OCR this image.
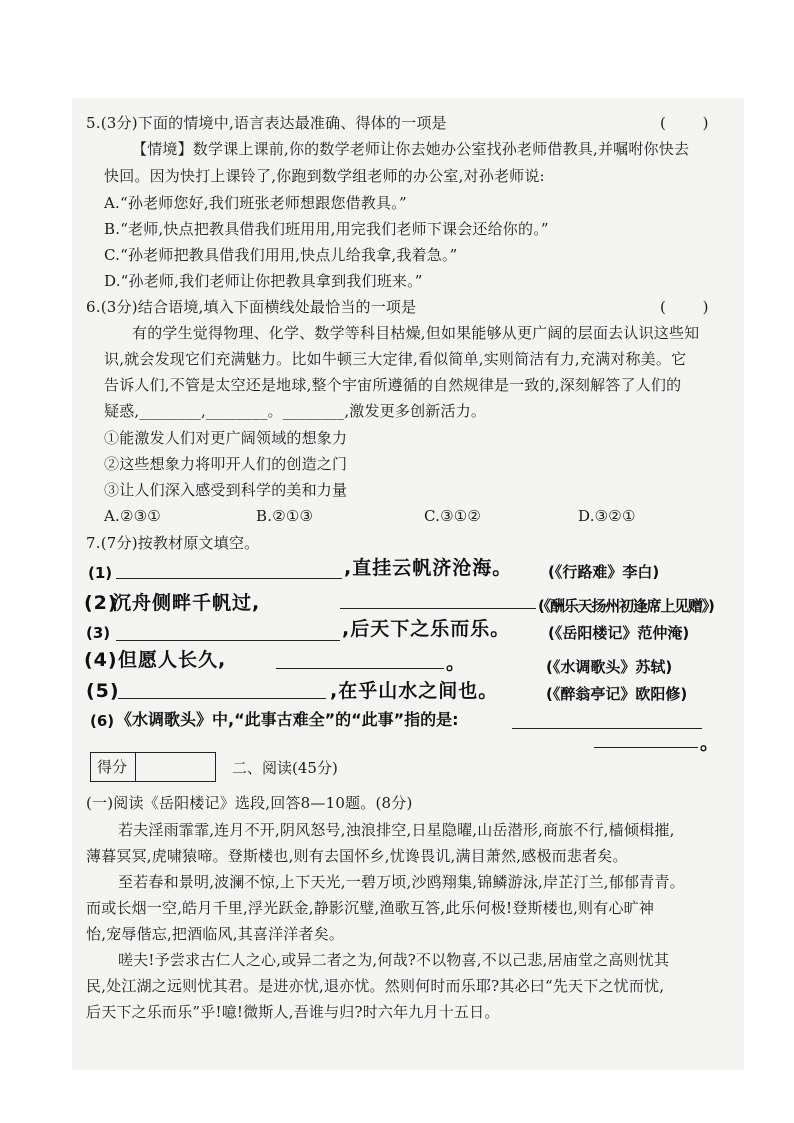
5.(3分)下面的情境中,语言表达最准确、得体的一项是	( )
【情境】数学课上课前,你的数学老师让你去她办公室找孙老师借教具,并嘱咐你快去
快回。因为快打上课铃了,你跑到数学组老师的办公室,对孙老师说:
A.“孙老师您好,我们班张老师想跟您借教具。”
B.“老师,快点把教具借我们班用用,用完我们老师下课会还给你的。”
C.“孙老师把教具借我们用用,快点儿给我拿,我着急。”
D.“孙老师,我们老师让你把教具拿到我们班来。”
6.(3分)结合语境,填入下面横线处最恰当的一项是	( )
有的学生觉得物理、化学、数学等科目枯燥,但如果能够从更广阔的层面去认识这些知
识,就会发现它们充满魅力。比如牛顿三大定律,看似简单,实则简洁有力,充满对称美。它
告诉人们,不管是太空还是地球,整个宇宙所遵循的自然规律是一致的,深刻解答了人们的
疑惑,________,________。________,激发更多创新活力。
①能激发人们对更广阔领域的想象力
②这些想象力将叩开人们的创造之门
③让人们深入感受到科学的美和力量
A.②③①	B.②①③	C.③①②	D.③②①
7.(7分)按教材原文填空。
(1)	,直挂云帆济沧海。 (《行路难》李白)
(2)
沉舟侧畔千帆过,	(《酬乐天扬州初逢席上见赠》)
(3)	,后天下之乐而乐。	(《岳阳楼记》范仲淹)
(4) 但愿人长久,	。	(《水调歌头》苏轼)
(5)	,在乎山水之间也。	(《醉翁亭记》欧阳修)
(6) 《水调歌头》中,“此事古难全”的“此事”指的是:
。
得分	二、阅读(45分)
(一)阅读《岳阳楼记》选段,回答8—10题。(8分)
若夫淫雨霏霏,连月不开,阴风怒号,浊浪排空,日星隐曜,山岳潜形,商旅不行,樯倾楫摧,
薄暮冥冥,虎啸猿啼。登斯楼也,则有去国怀乡,忧谗畏讥,满目萧然,感极而悲者矣。
至若春和景明,波澜不惊,上下天光,一碧万顷,沙鸥翔集,锦鳞游泳,岸芷汀兰,郁郁青青。
而或长烟一空,皓月千里,浮光跃金,静影沉璧,渔歌互答,此乐何极!登斯楼也,则有心旷神
怡,宠辱偕忘,把酒临风,其喜洋洋者矣。
嗟夫!予尝求古仁人之心,或异二者之为,何哉?不以物喜,不以己悲,居庙堂之高则忧其
民,处江湖之远则忧其君。是进亦忧,退亦忧。然则何时而乐耶?其必曰“先天下之忧而忧,
后天下之乐而乐”乎!噫!微斯人,吾谁与归?时六年九月十五日。
